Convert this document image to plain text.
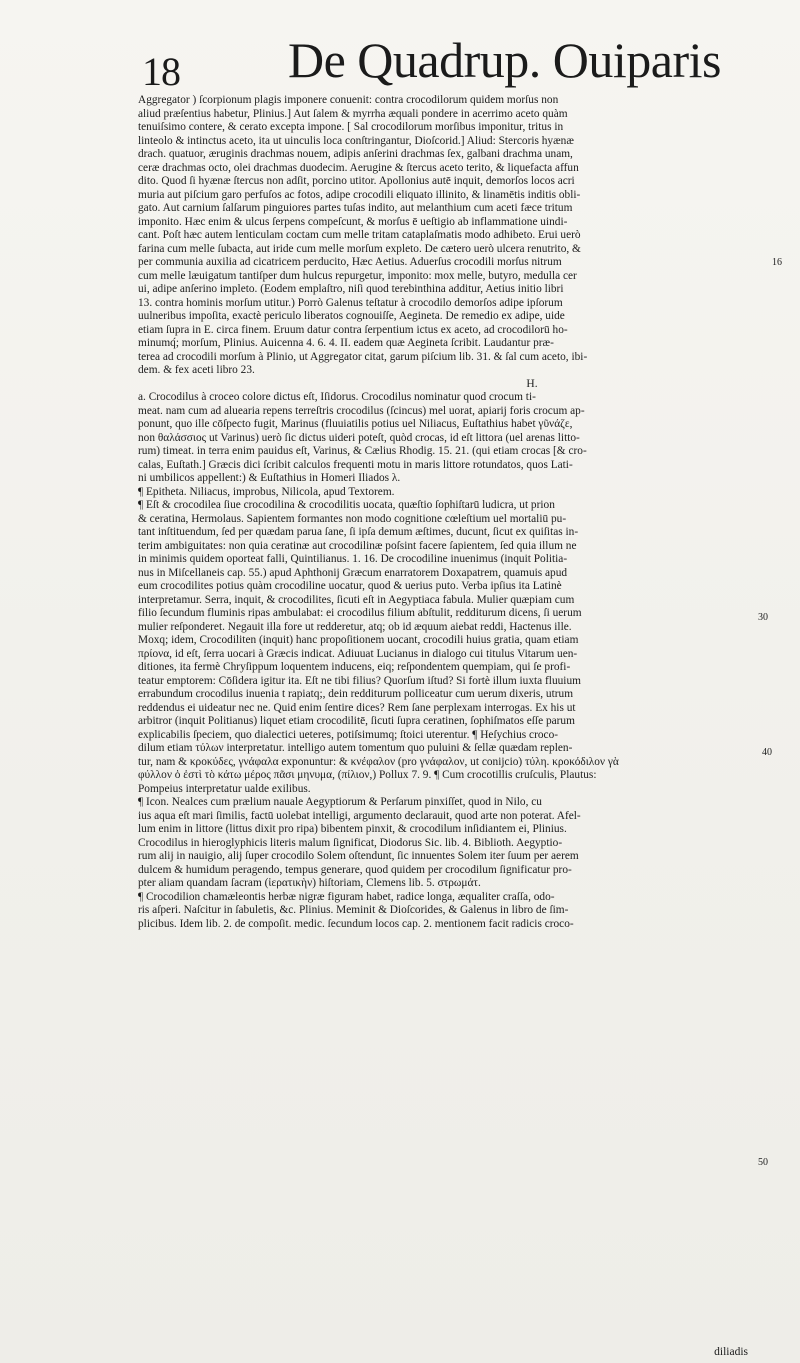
18 De Quadrup. Ouiparis
Aggregator ) ſcorpionum plagis imponere conuenit: contra crocodilorum quidem morſus non
aliud præſentius habetur, Plinius.] Aut ſalem & myrrha æquali pondere in acerrimo aceto quàm
tenuiſsimo contere, & cerato excepta impone. [ Sal crocodilorum morſibus imponitur, tritus in
linteolo & intinctus aceto, ita ut uinculis loca conſtringantur, Dioſcorid.] Aliud: Stercoris hyænæ
drach. quatuor, æruginis drachmas nouem, adipis anſerini drachmas ſex, galbani drachma unam,
ceræ drachmas octo, olei drachmas duodecim. Aerugine & ſtercus aceto terito, & liquefacta affun
dito. Quod ſi hyænæ ſtercus non adſit, porcino utitor. Apollonius autē inquit, demorſos locos acri
muria aut piſcium garo perfuſos ac fotos, adipe crocodili eliquato illinito, & linamētis inditis obli-
gato. Aut carnium ſalſarum pinguiores partes tuſas indito, aut melanthium cum aceti fæce tritum
imponito. Hæc enim & ulcus ſerpens compeſcunt, & morſus ē ueſtigio ab inflammatione uindi-
cant. Poſt hæc autem lenticulam coctam cum melle tritam cataplaſmatis modo adhibeto. Erui uerò
farina cum melle ſubacta, aut iride cum melle morſum expleto. De cætero uerò ulcera renutrito, &
per communia auxilia ad cicatricem perducito, Hæc Aetius. Aduerſus crocodili morſus nitrum
cum melle læuigatum tantiſper dum hulcus repurgetur, imponito: mox melle, butyro, medulla cer
ui, adipe anſerino impleto. (Eodem emplaſtro, niſi quod terebinthina additur, Aetius initio libri
13. contra hominis morſum utitur.) Porrò Galenus teſtatur à crocodilo demorſos adipe ipſorum
uulneribus impoſita, exactè periculo liberatos cognouiſſe, Aegineta. De remedio ex adipe, uide
etiam ſupra in E. circa finem. Eruum datur contra ſerpentium ictus ex aceto, ad crocodilorū ho-
minumq́; morſum, Plinius. Auicenna 4. 6. 4. II. eadem quæ Aegineta ſcribit. Laudantur præ-
terea ad crocodili morſum à Plinio, ut Aggregator citat, garum piſcium lib. 31. & ſal cum aceto, ibi-
dem. & fex aceti libro 23.
H.
a. Crocodilus à croceo colore dictus eſt, Iſidorus. Crocodilus nominatur quod crocum ti-
meat. nam cum ad aluearia repens terreſtris crocodilus (ſcincus) mel uorat, apiarij foris crocum ap-
ponunt, quo ille cōſpecto fugit, Marinus (fluuiatilis potius uel Niliacus, Euſtathius habet γῦνάζε,
non θαλάσσιος ut Varinus) uerò ſic dictus uideri poteſt, quòd crocas, id eſt littora (uel arenas litto-
rum) timeat. in terra enim pauidus eſt, Varinus, & Cælius Rhodig. 15. 21. (qui etiam crocas [& cro-
calas, Euſtath.] Græcis dici ſcribit calculos frequenti motu in maris littore rotundatos, quos Lati-
ni umbilicos appellent:) & Euſtathius in Homeri Iliados λ.
¶ Epitheta. Niliacus, improbus, Nilicola, apud Textorem.
¶ Eſt & crocodilea ſiue crocodilina & crocodilitis uocata, quæſtio ſophiſtarū ludicra, ut prion
& ceratina, Hermolaus. Sapientem formantes non modo cognitione cœleſtium uel mortaliū pu-
tant inſtituendum, ſed per quædam parua ſane, ſi ipſa demum æſtimes, ducunt, ſicut ex quiſitas in-
terim ambiguitates: non quia ceratinæ aut crocodilinæ poſsint facere ſapientem, ſed quia illum ne
in minimis quidem oporteat falli, Quintilianus. 1. 16. De crocodiline inuenimus (inquit Politia-
nus in Miſcellaneis cap. 55.) apud Aphthonij Græcum enarratorem Doxapatrem, quamuis apud
eum crocodilites potius quàm crocodiline uocatur, quod & uerius puto. Verba ipſius ita Latinè
interpretamur. Serra, inquit, & crocodilites, ſicuti eſt in Aegyptiaca fabula. Mulier quæpiam cum
filio ſecundum fluminis ripas ambulabat: ei crocodilus filium abſtulit, redditurum dicens, ſi uerum
mulier reſponderet. Negauit illa fore ut redderetur, atq; ob id æquum aiebat reddi, Hactenus ille.
Moxq; idem, Crocodiliten (inquit) hanc propoſitionem uocant, crocodili huius gratia, quam etiam
πρίονα, id eſt, ſerra uocari à Græcis indicat. Adiuuat Lucianus in dialogo cui titulus Vitarum uen-
ditiones, ita fermè Chryſippum loquentem inducens, eiq; reſpondentem quempiam, qui ſe profi-
teatur emptorem: Cōſidera igitur ita. Eſt ne tibi filius? Quorſum iſtud? Si fortè illum iuxta fluuium
errabundum crocodilus inuenia t rapiatq;, dein redditurum polliceatur cum uerum dixeris, utrum
reddendus ei uideatur nec ne. Quid enim ſentire dices? Rem ſane perplexam interrogas. Ex his ut
arbitror (inquit Politianus) liquet etiam crocodilitē, ſicuti ſupra ceratinen, ſophiſmatos eſſe parum
explicabilis ſpeciem, quo dialectici ueteres, potiſsimumq; ſtoici uterentur. ¶ Heſychius croco-
dilum etiam τύλων interpretatur. intelligo autem tomentum quo puluini & ſellæ quædam replen-
tur, nam & κροκύδες, γνάφαλα exponuntur: & κνέφαλον (pro γνάφαλον, ut conijcio) τύλη. κροκόδιλον γὰ
φύλλον ὁ ἐστὶ τὸ κάτω μέρος πᾶσι μηνυμα, (πίλιον,) Pollux 7. 9. ¶ Cum crocotillis cruſculis, Plautus:
Pompeius interpretatur ualde exilibus.
¶ Icon. Nealces cum prælium nauale Aegyptiorum & Perſarum pinxiſſet, quod in Nilo, cu
ius aqua eſt mari ſimilis, factū uolebat intelligi, argumento declarauit, quod arte non poterat. Afel-
lum enim in littore (littus dixit pro ripa) bibentem pinxit, & crocodilum inſidiantem ei, Plinius.
Crocodilus in hieroglyphicis literis malum ſignificat, Diodorus Sic. lib. 4. Biblioth. Aegyptio-
rum alij in nauigio, alij ſuper crocodilo Solem oſtendunt, ſic innuentes Solem iter ſuum per aerem
dulcem & humidum peragendo, tempus generare, quod quidem per crocodilum ſignificatur pro-
pter aliam quandam ſacram (ἱερατικὴν) hiſtoriam, Clemens lib. 5. στρωμάτ.
¶ Crocodilion chamæleontis herbæ nigræ figuram habet, radice longa, æqualiter craſſa, odo-
ris aſperi. Naſcitur in ſabuletis, &c. Plinius. Meminit & Dioſcorides, & Galenus in libro de ſim-
plicibus. Idem lib. 2. de compoſit. medic. ſecundum locos cap. 2. mentionem facit radicis croco-
16
30
40
50
diliadis
